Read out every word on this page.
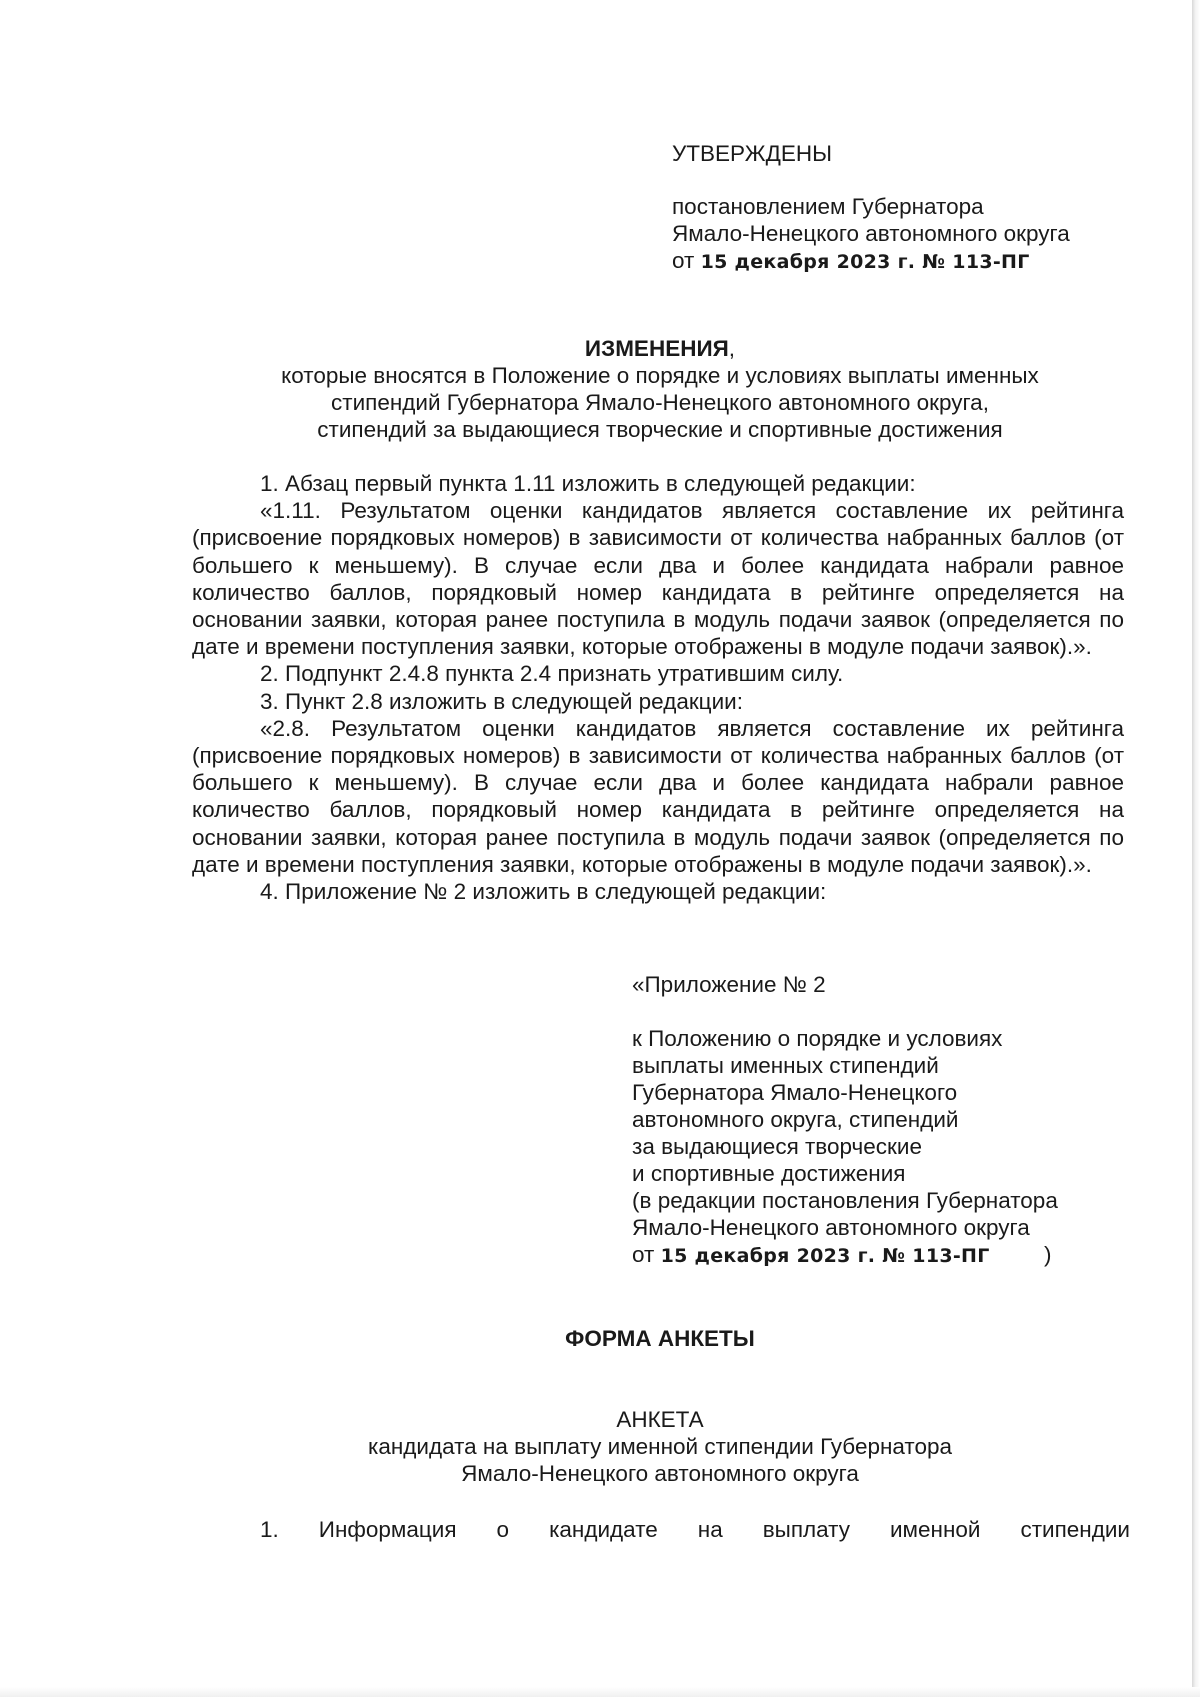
УТВЕРЖДЕНЫ
постановлением Губернатора
Ямало-Ненецкого автономного округа
от 15 декабря 2023 г. № 113-ПГ
ИЗМЕНЕНИЯ,
которые вносятся в Положение о порядке и условиях выплаты именных
стипендий Губернатора Ямало-Ненецкого автономного округа,
стипендий за выдающиеся творческие и спортивные достижения
1. Абзац первый пункта 1.11 изложить в следующей редакции:
«1.11. Результатом оценки кандидатов является составление их рейтинга (присвоение порядковых номеров) в зависимости от количества набранных баллов (от большего к меньшему). В случае если два и более кандидата набрали равное количество баллов, порядковый номер кандидата в рейтинге определяется на основании заявки, которая ранее поступила в модуль подачи заявок (определяется по дате и времени поступления заявки, которые отображены в модуле подачи заявок).».
2. Подпункт 2.4.8 пункта 2.4 признать утратившим силу.
3. Пункт 2.8 изложить в следующей редакции:
«2.8. Результатом оценки кандидатов является составление их рейтинга (присвоение порядковых номеров) в зависимости от количества набранных баллов (от большего к меньшему). В случае если два и более кандидата набрали равное количество баллов, порядковый номер кандидата в рейтинге определяется на основании заявки, которая ранее поступила в модуль подачи заявок (определяется по дате и времени поступления заявки, которые отображены в модуле подачи заявок).».
4. Приложение № 2 изложить в следующей редакции:
«Приложение № 2
к Положению о порядке и условиях
выплаты именных стипендий
Губернатора Ямало-Ненецкого
автономного округа, стипендий
за выдающиеся творческие
и спортивные достижения
(в редакции постановления Губернатора
Ямало-Ненецкого автономного округа
от 15 декабря 2023 г. № 113-ПГ )
ФОРМА АНКЕТЫ
АНКЕТА
кандидата на выплату именной стипендии Губернатора
Ямало-Ненецкого автономного округа
1. Информация о кандидате на выплату именной стипендии
